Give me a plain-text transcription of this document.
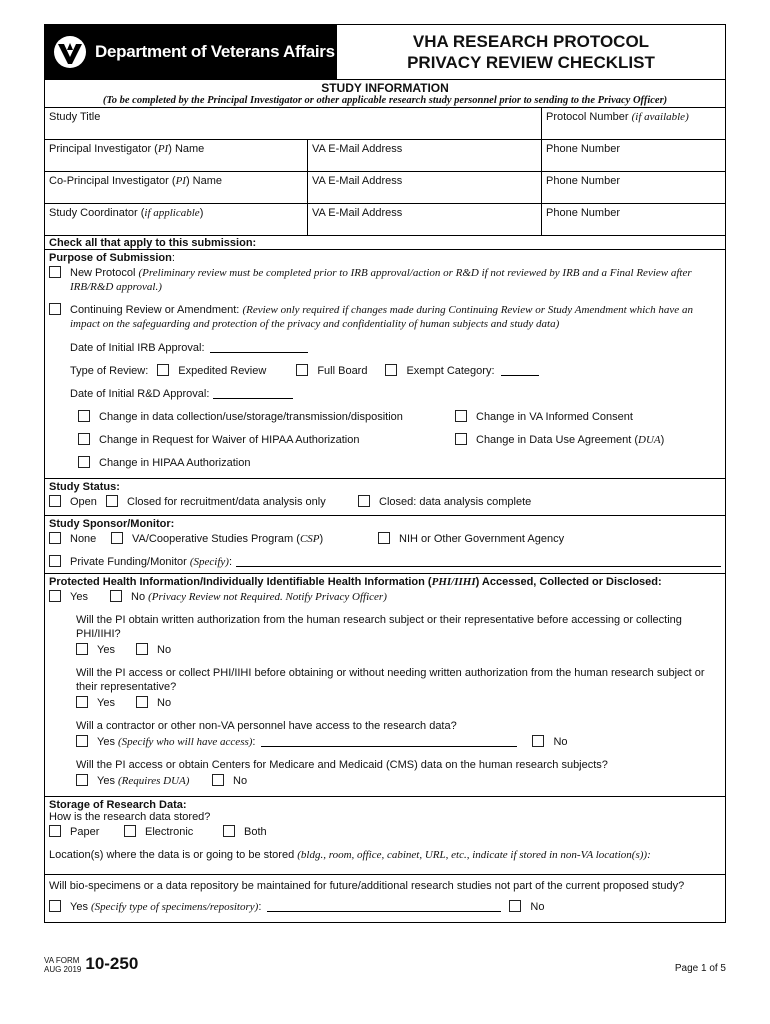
Department of Veterans Affairs
VHA RESEARCH PROTOCOL
PRIVACY REVIEW CHECKLIST
STUDY INFORMATION
(To be completed by the Principal Investigator or other applicable research study personnel prior to sending to the Privacy Officer)
Study Title	Protocol Number (if available)
Principal Investigator (PI) Name	VA E-Mail Address	Phone Number
Co-Principal Investigator (PI) Name	VA E-Mail Address	Phone Number
Study Coordinator (if applicable)	VA E-Mail Address	Phone Number
Check all that apply to this submission:
Purpose of Submission:
New Protocol (Preliminary review must be completed prior to IRB approval/action or R&D if not reviewed by IRB and a Final Review after IRB/R&D approval.)
Continuing Review or Amendment: (Review only required if changes made during Continuing Review or Study Amendment which have an impact on the safeguarding and protection of the privacy and confidentiality of human subjects and study data)
Date of Initial IRB Approval:
Type of Review:	Expedited Review	Full Board	Exempt Category:
Date of Initial R&D Approval:
Change in data collection/use/storage/transmission/disposition	Change in VA Informed Consent
Change in Request for Waiver of HIPAA Authorization	Change in Data Use Agreement (DUA)
Change in HIPAA Authorization
Study Status:
Open	Closed for recruitment/data analysis only	Closed: data analysis complete
Study Sponsor/Monitor:
None	VA/Cooperative Studies Program (CSP)	NIH or Other Government Agency
Private Funding/Monitor
(Specify) :
Protected Health Information/Individually Identifiable Health Information (PHI/IIHI) Accessed, Collected or Disclosed:
Yes	No
(Privacy Review not Required. Notify Privacy Officer)
Will the PI obtain written authorization from the human research subject or their representative before accessing or collecting PHI/IIHI?
Yes	No
Will the PI access or collect PHI/IIHI before obtaining or without needing written authorization from the human research subject or their representative?
Yes	No
Will a contractor or other non-VA personnel have access to the research data?
Yes
(Specify who will have access) :	No
Will the PI access or obtain Centers for Medicare and Medicaid (CMS) data on the human research subjects?
Yes
(Requires DUA)	No
Storage of Research Data:
How is the research data stored?
Paper	Electronic	Both
Location(s) where the data is or going to be stored
(bldg., room, office, cabinet, URL, etc., indicate if stored in non-VA location(s)):
Will bio-specimens or a data repository be maintained for future/additional research studies not part of the current proposed study?
Yes
(Specify type of specimens/repository) :	No
VA FORM
AUG 2019 10-250	Page 1 of 5
